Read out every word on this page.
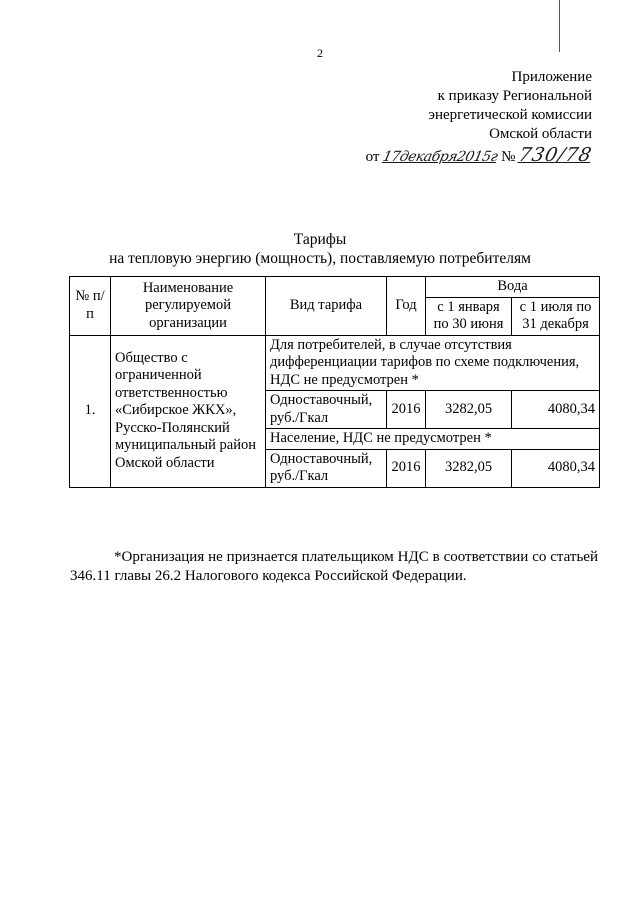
2
Приложение
к приказу Региональной
энергетической комиссии
Омской области
от 17декабря2015г № 730/78
Тарифы
на тепловую энергию (мощность), поставляемую потребителям
№ п/п	Наименование регулируемой организации	Вид тарифа	Год	Вода	
				с 1 января по 30 июня	с 1 июля по 31 декабря
1.	Общество с ограниченной ответственностью «Сибирское ЖКХ», Русско-Полянский муниципальный район Омской области	Для потребителей, в случае отсутствия дифференциации тарифов по схеме подключения, НДС не предусмотрен *			
		Одноставочный, руб./Гкал	2016	3282,05	4080,34
		Население, НДС не предусмотрен *			
		Одноставочный, руб./Гкал	2016	3282,05	4080,34
*Организация не признается плательщиком НДС в соответствии со статьей 346.11 главы 26.2 Налогового кодекса Российской Федерации.
